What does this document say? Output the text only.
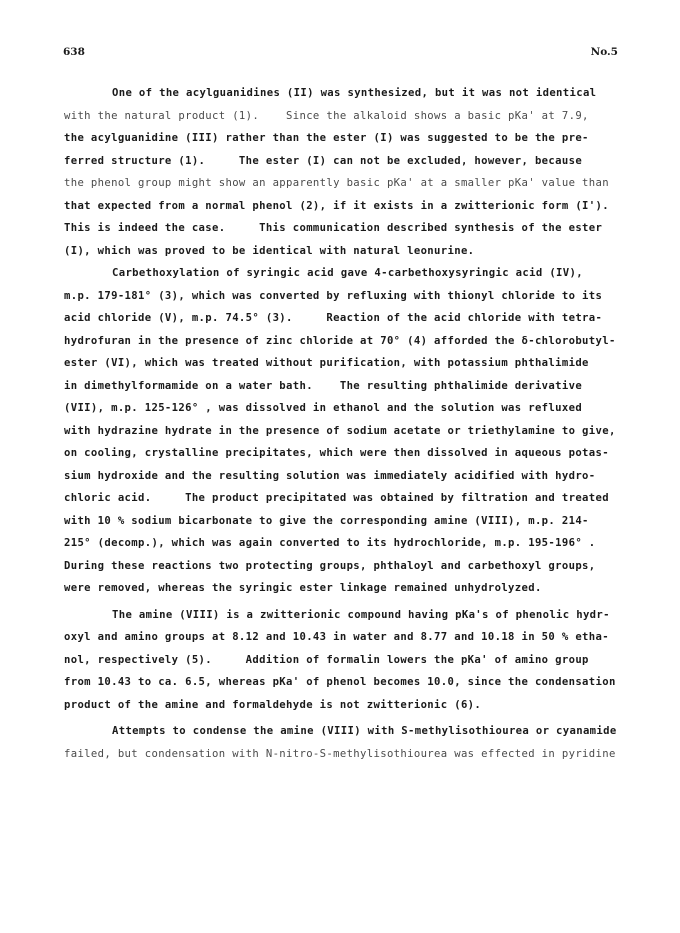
638	No.5
One of the acylguanidines (II) was synthesized, but it was not identical
with the natural product (1).    Since the alkaloid shows a basic pKa' at 7.9,
the acylguanidine (III) rather than the ester (I) was suggested to be the pre-
ferred structure (1).     The ester (I) can not be excluded, however, because
the phenol group might show an apparently basic pKa' at a smaller pKa' value than
that expected from a normal phenol (2), if it exists in a zwitterionic form (I').
This is indeed the case.     This communication described synthesis of the ester
(I), which was proved to be identical with natural leonurine.
Carbethoxylation of syringic acid gave 4-carbethoxysyringic acid (IV),
m.p. 179-181° (3), which was converted by refluxing with thionyl chloride to its
acid chloride (V), m.p. 74.5° (3).     Reaction of the acid chloride with tetra-
hydrofuran in the presence of zinc chloride at 70° (4) afforded the δ-chlorobutyl-
ester (VI), which was treated without purification, with potassium phthalimide
in dimethylformamide on a water bath.    The resulting phthalimide derivative
(VII), m.p. 125-126° , was dissolved in ethanol and the solution was refluxed
with hydrazine hydrate in the presence of sodium acetate or triethylamine to give,
on cooling, crystalline precipitates, which were then dissolved in aqueous potas-
sium hydroxide and the resulting solution was immediately acidified with hydro-
chloric acid.     The product precipitated was obtained by filtration and treated
with 10 % sodium bicarbonate to give the corresponding amine (VIII), m.p. 214-
215° (decomp.), which was again converted to its hydrochloride, m.p. 195-196° .
During these reactions two protecting groups, phthaloyl and carbethoxyl groups,
were removed, whereas the syringic ester linkage remained unhydrolyzed.
The amine (VIII) is a zwitterionic compound having pKa's of phenolic hydr-
oxyl and amino groups at 8.12 and 10.43 in water and 8.77 and 10.18 in 50 % etha-
nol, respectively (5).     Addition of formalin lowers the pKa' of amino group
from 10.43 to ca. 6.5, whereas pKa' of phenol becomes 10.0, since the condensation
product of the amine and formaldehyde is not zwitterionic (6).
Attempts to condense the amine (VIII) with S-methylisothiourea or cyanamide
failed, but condensation with N-nitro-S-methylisothiourea was effected in pyridine
